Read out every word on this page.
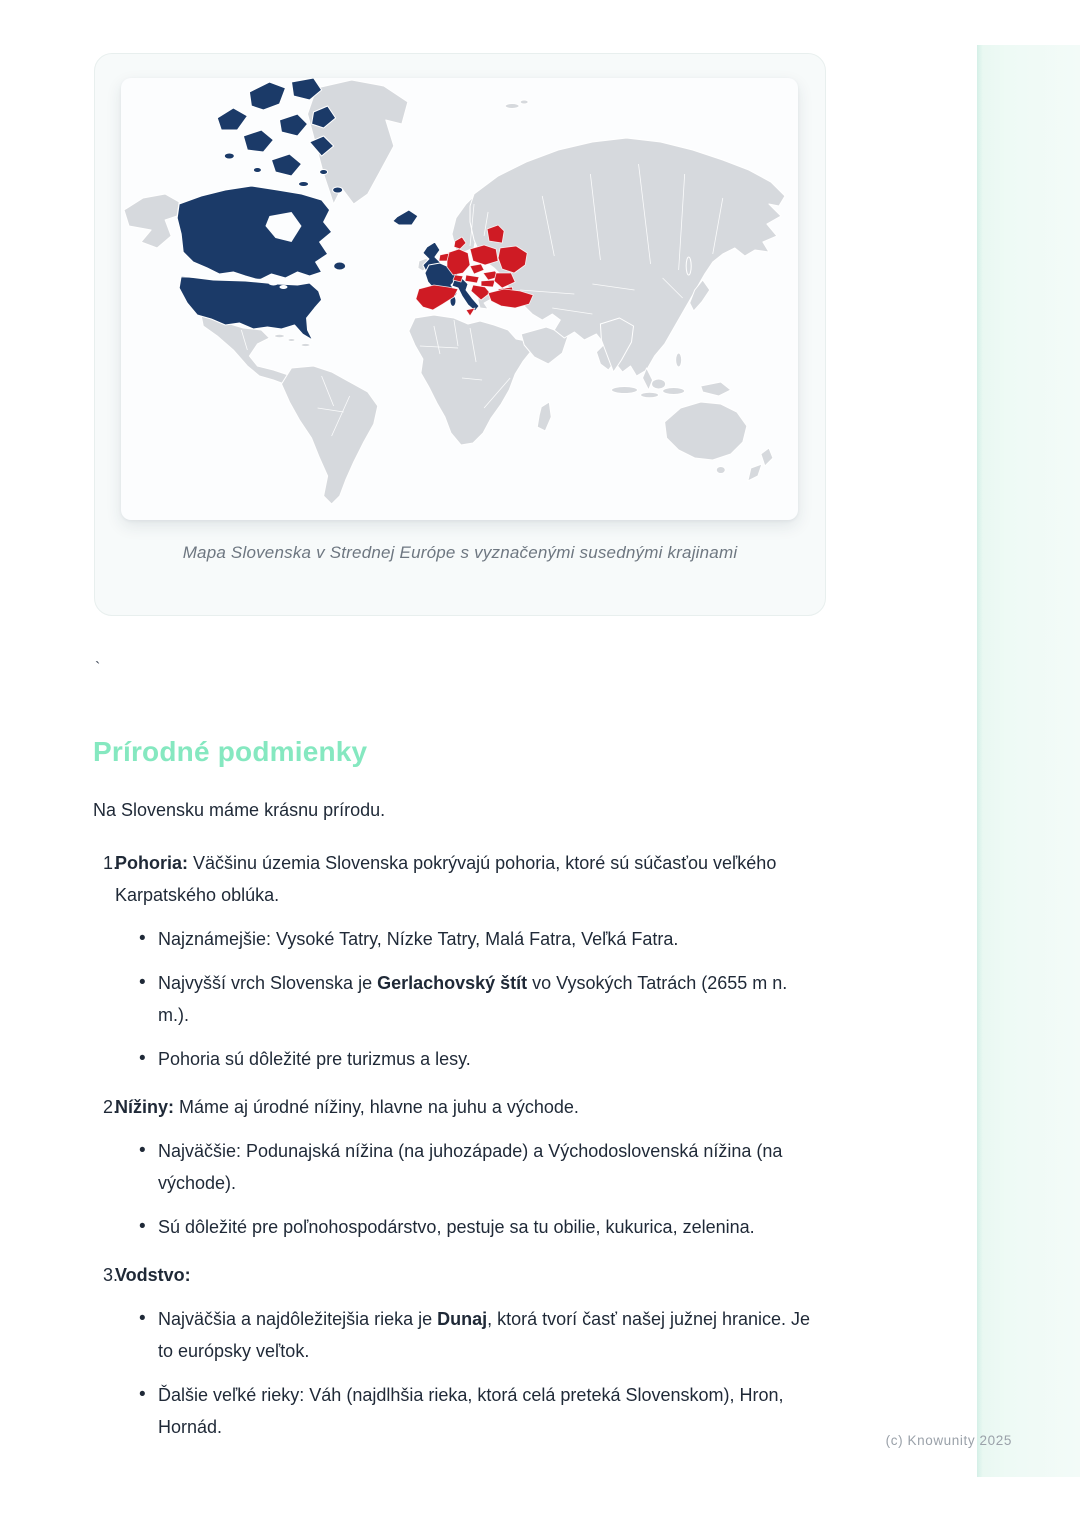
Mapa Slovenska v Strednej Európe s vyznačenými susednými krajinami
`
Prírodné podmienky

Na Slovensku máme krásnu prírodu.

1.
Pohoria: Väčšinu územia Slovenska pokrývajú pohoria, ktoré sú súčasťou veľkého Karpatského oblúka.
• Najznámejšie: Vysoké Tatry, Nízke Tatry, Malá Fatra, Veľká Fatra.
• Najvyšší vrch Slovenska je Gerlachovský štít vo Vysokých Tatrách (2655 m n. m.).
• Pohoria sú dôležité pre turizmus a lesy.
2.
Nížiny: Máme aj úrodné nížiny, hlavne na juhu a východe.
• Najväčšie: Podunajská nížina (na juhozápade) a Východoslovenská nížina (na východe).
• Sú dôležité pre poľnohospodárstvo, pestuje sa tu obilie, kukurica, zelenina.
3.
Vodstvo:
• Najväčšia a najdôležitejšia rieka je Dunaj, ktorá tvorí časť našej južnej hranice. Je to európsky veľtok.
• Ďalšie veľké rieky: Váh (najdlhšia rieka, ktorá celá preteká Slovenskom), Hron, Hornád.
(c) Knowunity 2025
